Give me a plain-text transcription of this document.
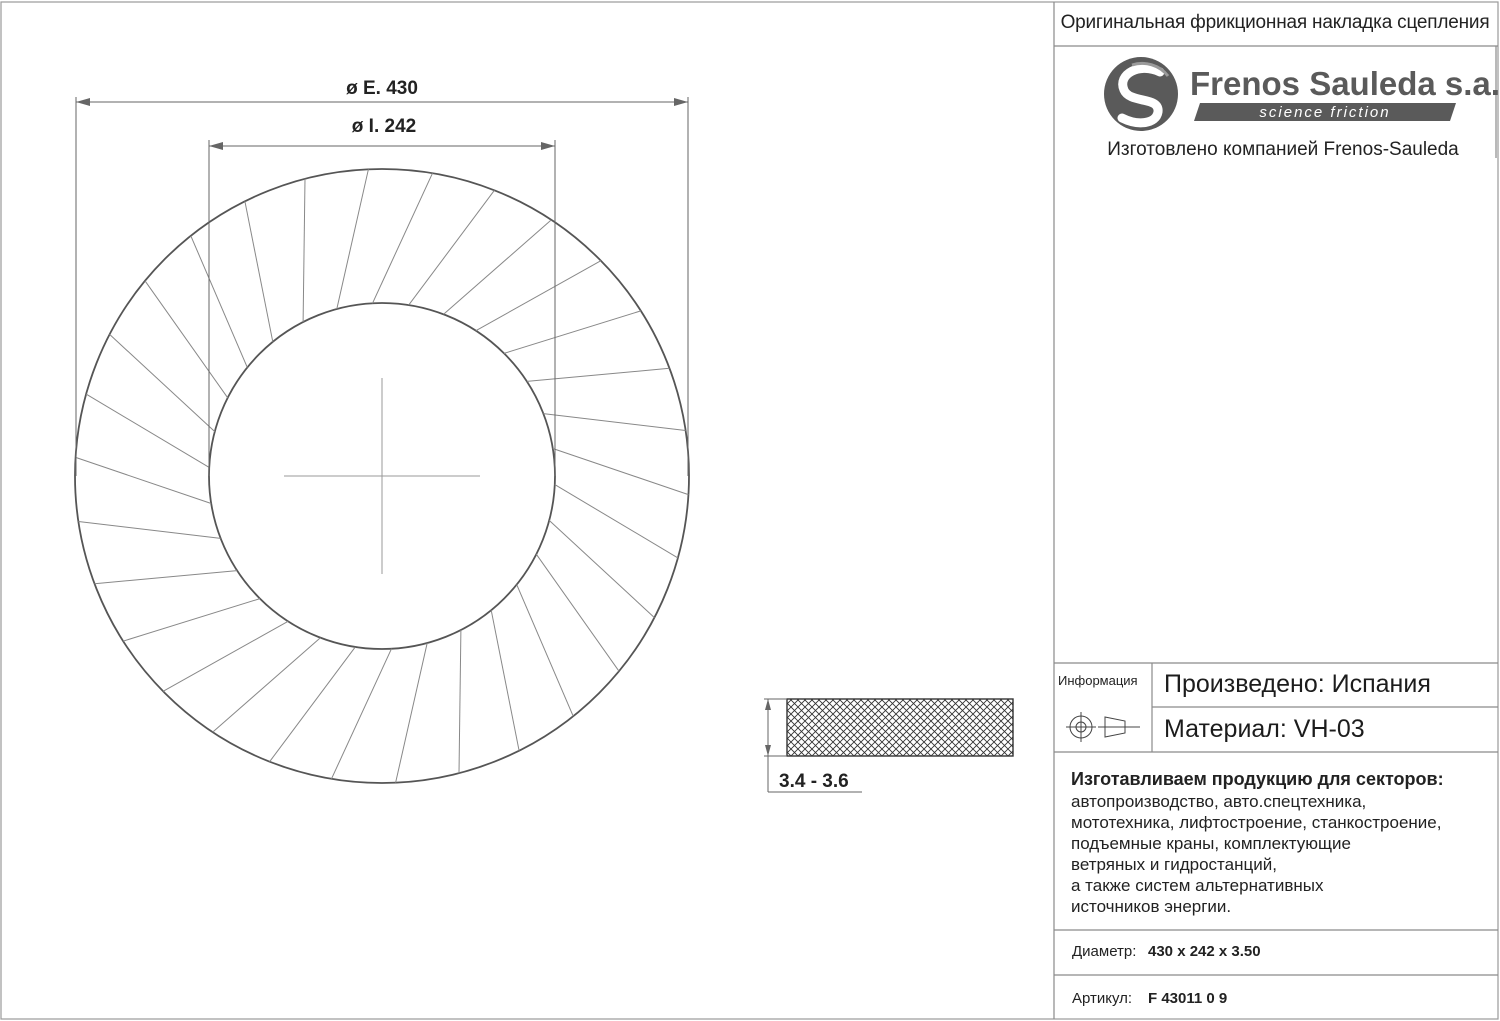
Frenos Sauleda s.a.
science friction
ø E. 430
ø I. 242
3.4 - 3.6
Оригинальная фрикционная накладка сцепления
Изготовлено компанией Frenos-Sauleda
Информация Произведено: Испания
Материал: VH-03
Изготавливаем продукцию для секторов:
автопроизводство, авто.спецтехника,
мототехника, лифтостроение, станкостроение,
подъемные краны, комплектующие
ветряных и гидростанций,
а также систем альтернативных
источников энергии.
Диаметр: 430 x 242 x 3.50
Артикул: F 43011 0 9
